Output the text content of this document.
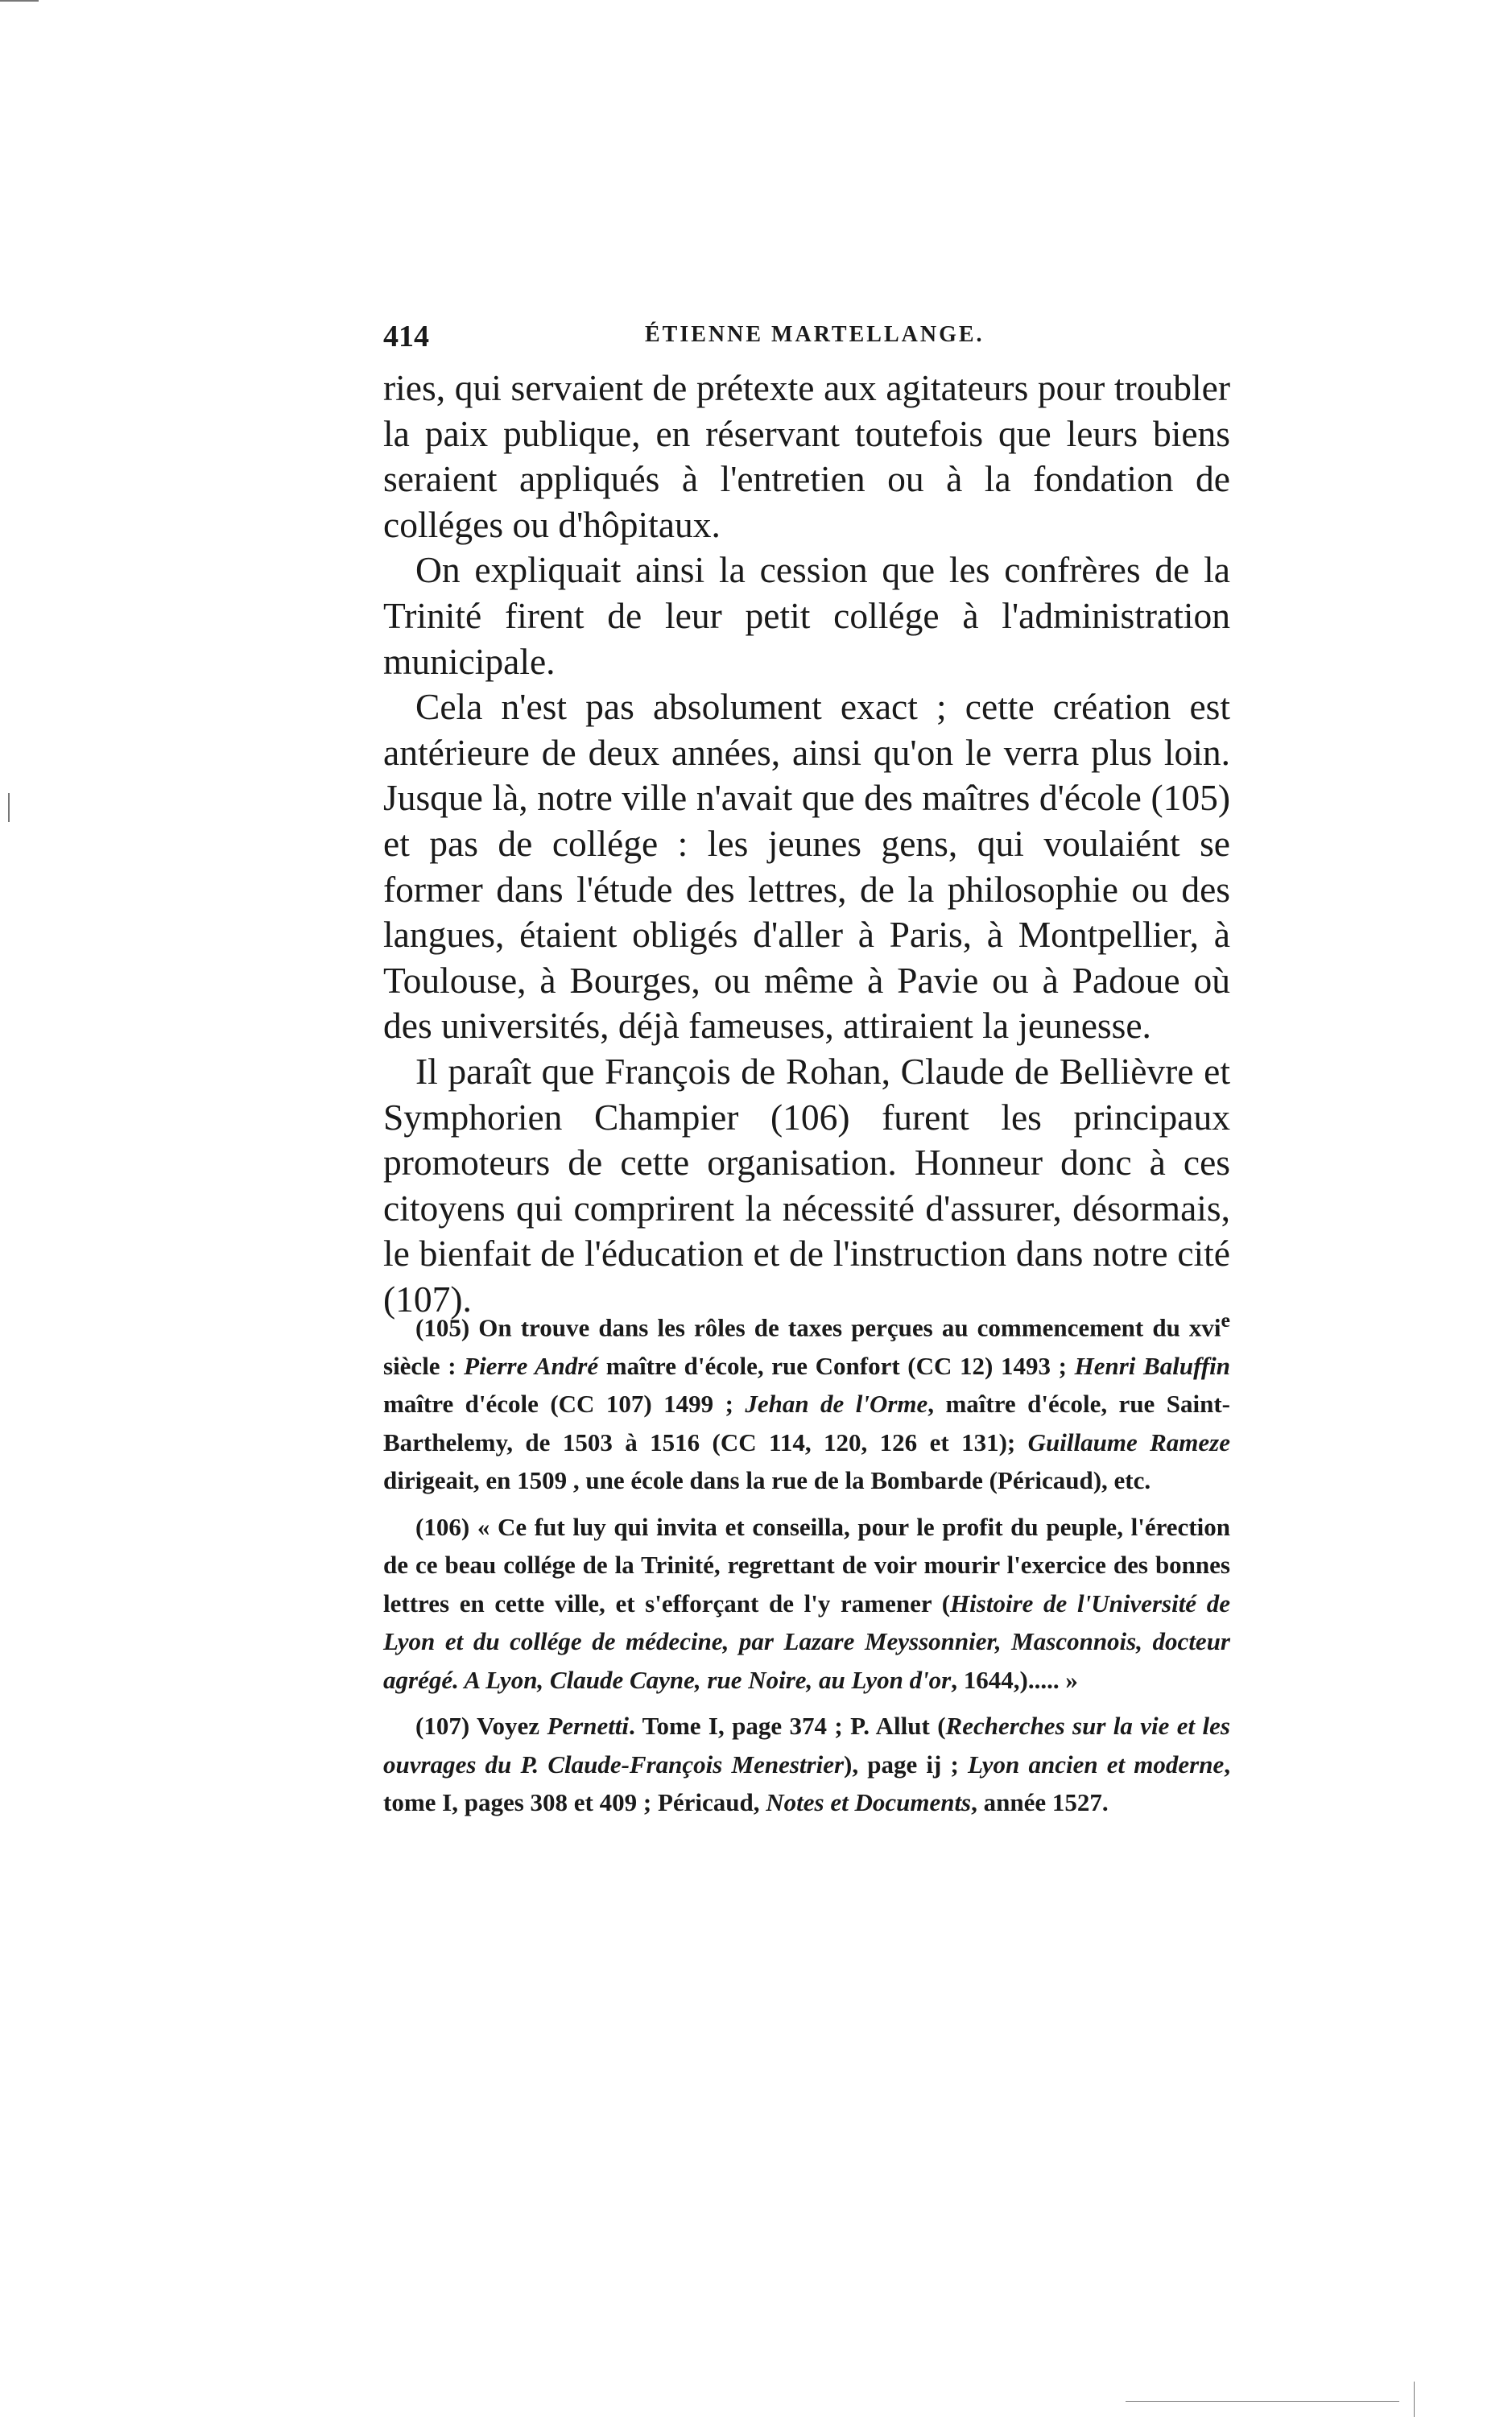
414	ÉTIENNE MARTELLANGE.

ries, qui servaient de prétexte aux agitateurs pour troubler la paix publique, en réservant toutefois que leurs biens seraient appliqués à l'entretien ou à la fondation de colléges ou d'hôpitaux.

On expliquait ainsi la cession que les confrères de la Trinité firent de leur petit collége à l'administration municipale.

Cela n'est pas absolument exact ; cette création est antérieure de deux années, ainsi qu'on le verra plus loin. Jusque là, notre ville n'avait que des maîtres d'école (105) et pas de collége : les jeunes gens, qui voulaiént se former dans l'étude des lettres, de la philosophie ou des langues, étaient obligés d'aller à Paris, à Montpellier, à Toulouse, à Bourges, ou même à Pavie ou à Padoue où des universités, déjà fameuses, attiraient la jeunesse.

Il paraît que François de Rohan, Claude de Bellièvre et Symphorien Champier (106) furent les principaux promoteurs de cette organisation. Honneur donc à ces citoyens qui comprirent la nécessité d'assurer, désormais, le bienfait de l'éducation et de l'instruction dans notre cité (107).

(105) On trouve dans les rôles de taxes perçues au commencement du xvi$^e$ siècle : Pierre André maître d'école, rue Confort (CC 12) 1493 ; Henri Baluffin maître d'école (CC 107) 1499 ; Jehan de l'Orme, maître d'école, rue Saint-Barthelemy, de 1503 à 1516 (CC 114, 120, 126 et 131); Guillaume Rameze dirigeait, en 1509 , une école dans la rue de la Bombarde (Péricaud), etc.

(106) « Ce fut luy qui invita et conseilla, pour le profit du peuple, l'érection de ce beau collége de la Trinité, regrettant de voir mourir l'exercice des bonnes lettres en cette ville, et s'efforçant de l'y ramener (Histoire de l'Université de Lyon et du collége de médecine, par Lazare Meyssonnier, Masconnois, docteur agrégé. A Lyon, Claude Cayne, rue Noire, au Lyon d'or, 1644,)..... »

(107) Voyez Pernetti. Tome I, page 374 ; P. Allut (Recherches sur la vie et les ouvrages du P. Claude-François Menestrier), page ij ; Lyon ancien et moderne, tome I, pages 308 et 409 ; Péricaud, Notes et Documents, année 1527.
